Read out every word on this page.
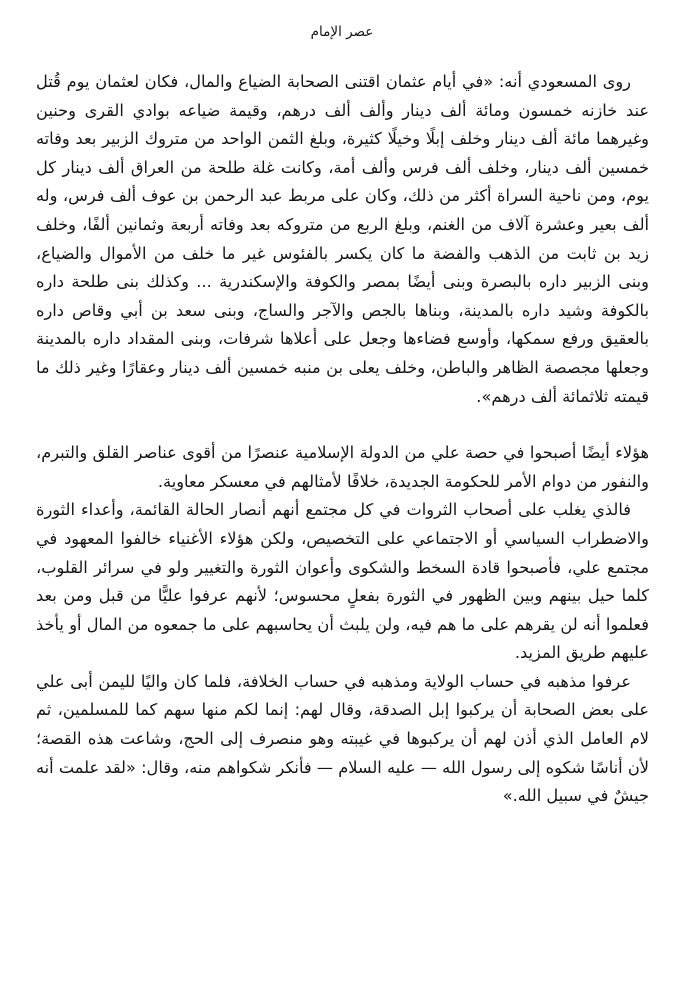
عصر الإمام

روى المسعودي أنه: «في أيام عثمان اقتنى الصحابة الضياع والمال، فكان لعثمان يوم قُتل عند خازنه خمسون ومائة ألف دينار وألف ألف درهم، وقيمة ضياعه بوادي القرى وحنين وغيرهما مائة ألف دينار وخلف إبلًا وخيلًا كثيرة، وبلغ الثمن الواحد من متروك الزبير بعد وفاته خمسين ألف دينار، وخلف ألف فرس وألف أمة، وكانت غلة طلحة من العراق ألف دينار كل يوم، ومن ناحية السراة أكثر من ذلك، وكان على مربط عبد الرحمن بن عوف ألف فرس، وله ألف بعير وعشرة آلاف من الغنم، وبلغ الربع من متروكه بعد وفاته أربعة وثمانين ألفًا، وخلف زيد بن ثابت من الذهب والفضة ما كان يكسر بالفئوس غير ما خلف من الأموال والضياع، وبنى الزبير داره بالبصرة وبنى أيضًا بمصر والكوفة والإسكندرية ... وكذلك بنى طلحة داره بالكوفة وشيد داره بالمدينة، وبناها بالجص والآجر والساج، وبنى سعد بن أبي وقاص داره بالعقيق ورفع سمكها، وأوسع فضاءها وجعل على أعلاها شرفات، وبنى المقداد داره بالمدينة وجعلها مجصصة الظاهر والباطن، وخلف يعلى بن منبه خمسين ألف دينار وعقارًا وغير ذلك ما قيمته ثلاثمائة ألف درهم».

هؤلاء أيضًا أصبحوا في حصة علي من الدولة الإسلامية عنصرًا من أقوى عناصر القلق والتبرم، والنفور من دوام الأمر للحكومة الجديدة، خلافًا لأمثالهم في معسكر معاوية.

فالذي يغلب على أصحاب الثروات في كل مجتمع أنهم أنصار الحالة القائمة، وأعداء الثورة والاضطراب السياسي أو الاجتماعي على التخصيص، ولكن هؤلاء الأغنياء خالفوا المعهود في مجتمع علي، فأصبحوا قادة السخط والشكوى وأعوان الثورة والتغيير ولو في سرائر القلوب، كلما حيل بينهم وبين الظهور في الثورة بفعلٍ محسوس؛ لأنهم عرفوا عليًّا من قبل ومن بعد فعلموا أنه لن يقرهم على ما هم فيه، ولن يلبث أن يحاسبهم على ما جمعوه من المال أو يأخذ عليهم طريق المزيد.

عرفوا مذهبه في حساب الولاية ومذهبه في حساب الخلافة، فلما كان واليًا لليمن أبى علي على بعض الصحابة أن يركبوا إبل الصدقة، وقال لهم: إنما لكم منها سهم كما للمسلمين، ثم لام العامل الذي أذن لهم أن يركبوها في غيبته وهو منصرف إلى الحج، وشاعت هذه القصة؛ لأن أناسًا شكوه إلى رسول الله — عليه السلام — فأنكر شكواهم منه، وقال: «لقد علمت أنه جيشٌ في سبيل الله.»
